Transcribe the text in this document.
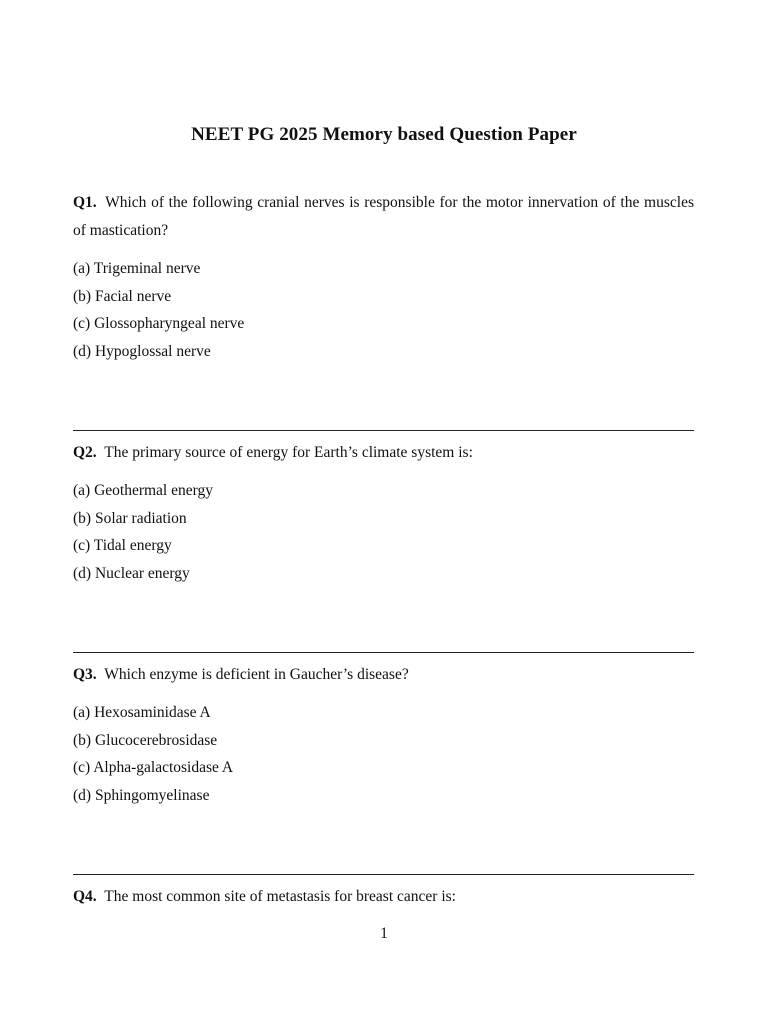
NEET PG 2025 Memory based Question Paper

Q1. Which of the following cranial nerves is responsible for the motor innervation of the muscles of mastication?

(a) Trigeminal nerve
(b) Facial nerve
(c) Glossopharyngeal nerve
(d) Hypoglossal nerve

Q2. The primary source of energy for Earth’s climate system is:

(a) Geothermal energy
(b) Solar radiation
(c) Tidal energy
(d) Nuclear energy

Q3. Which enzyme is deficient in Gaucher’s disease?

(a) Hexosaminidase A
(b) Glucocerebrosidase
(c) Alpha-galactosidase A
(d) Sphingomyelinase

Q4. The most common site of metastasis for breast cancer is:

1
